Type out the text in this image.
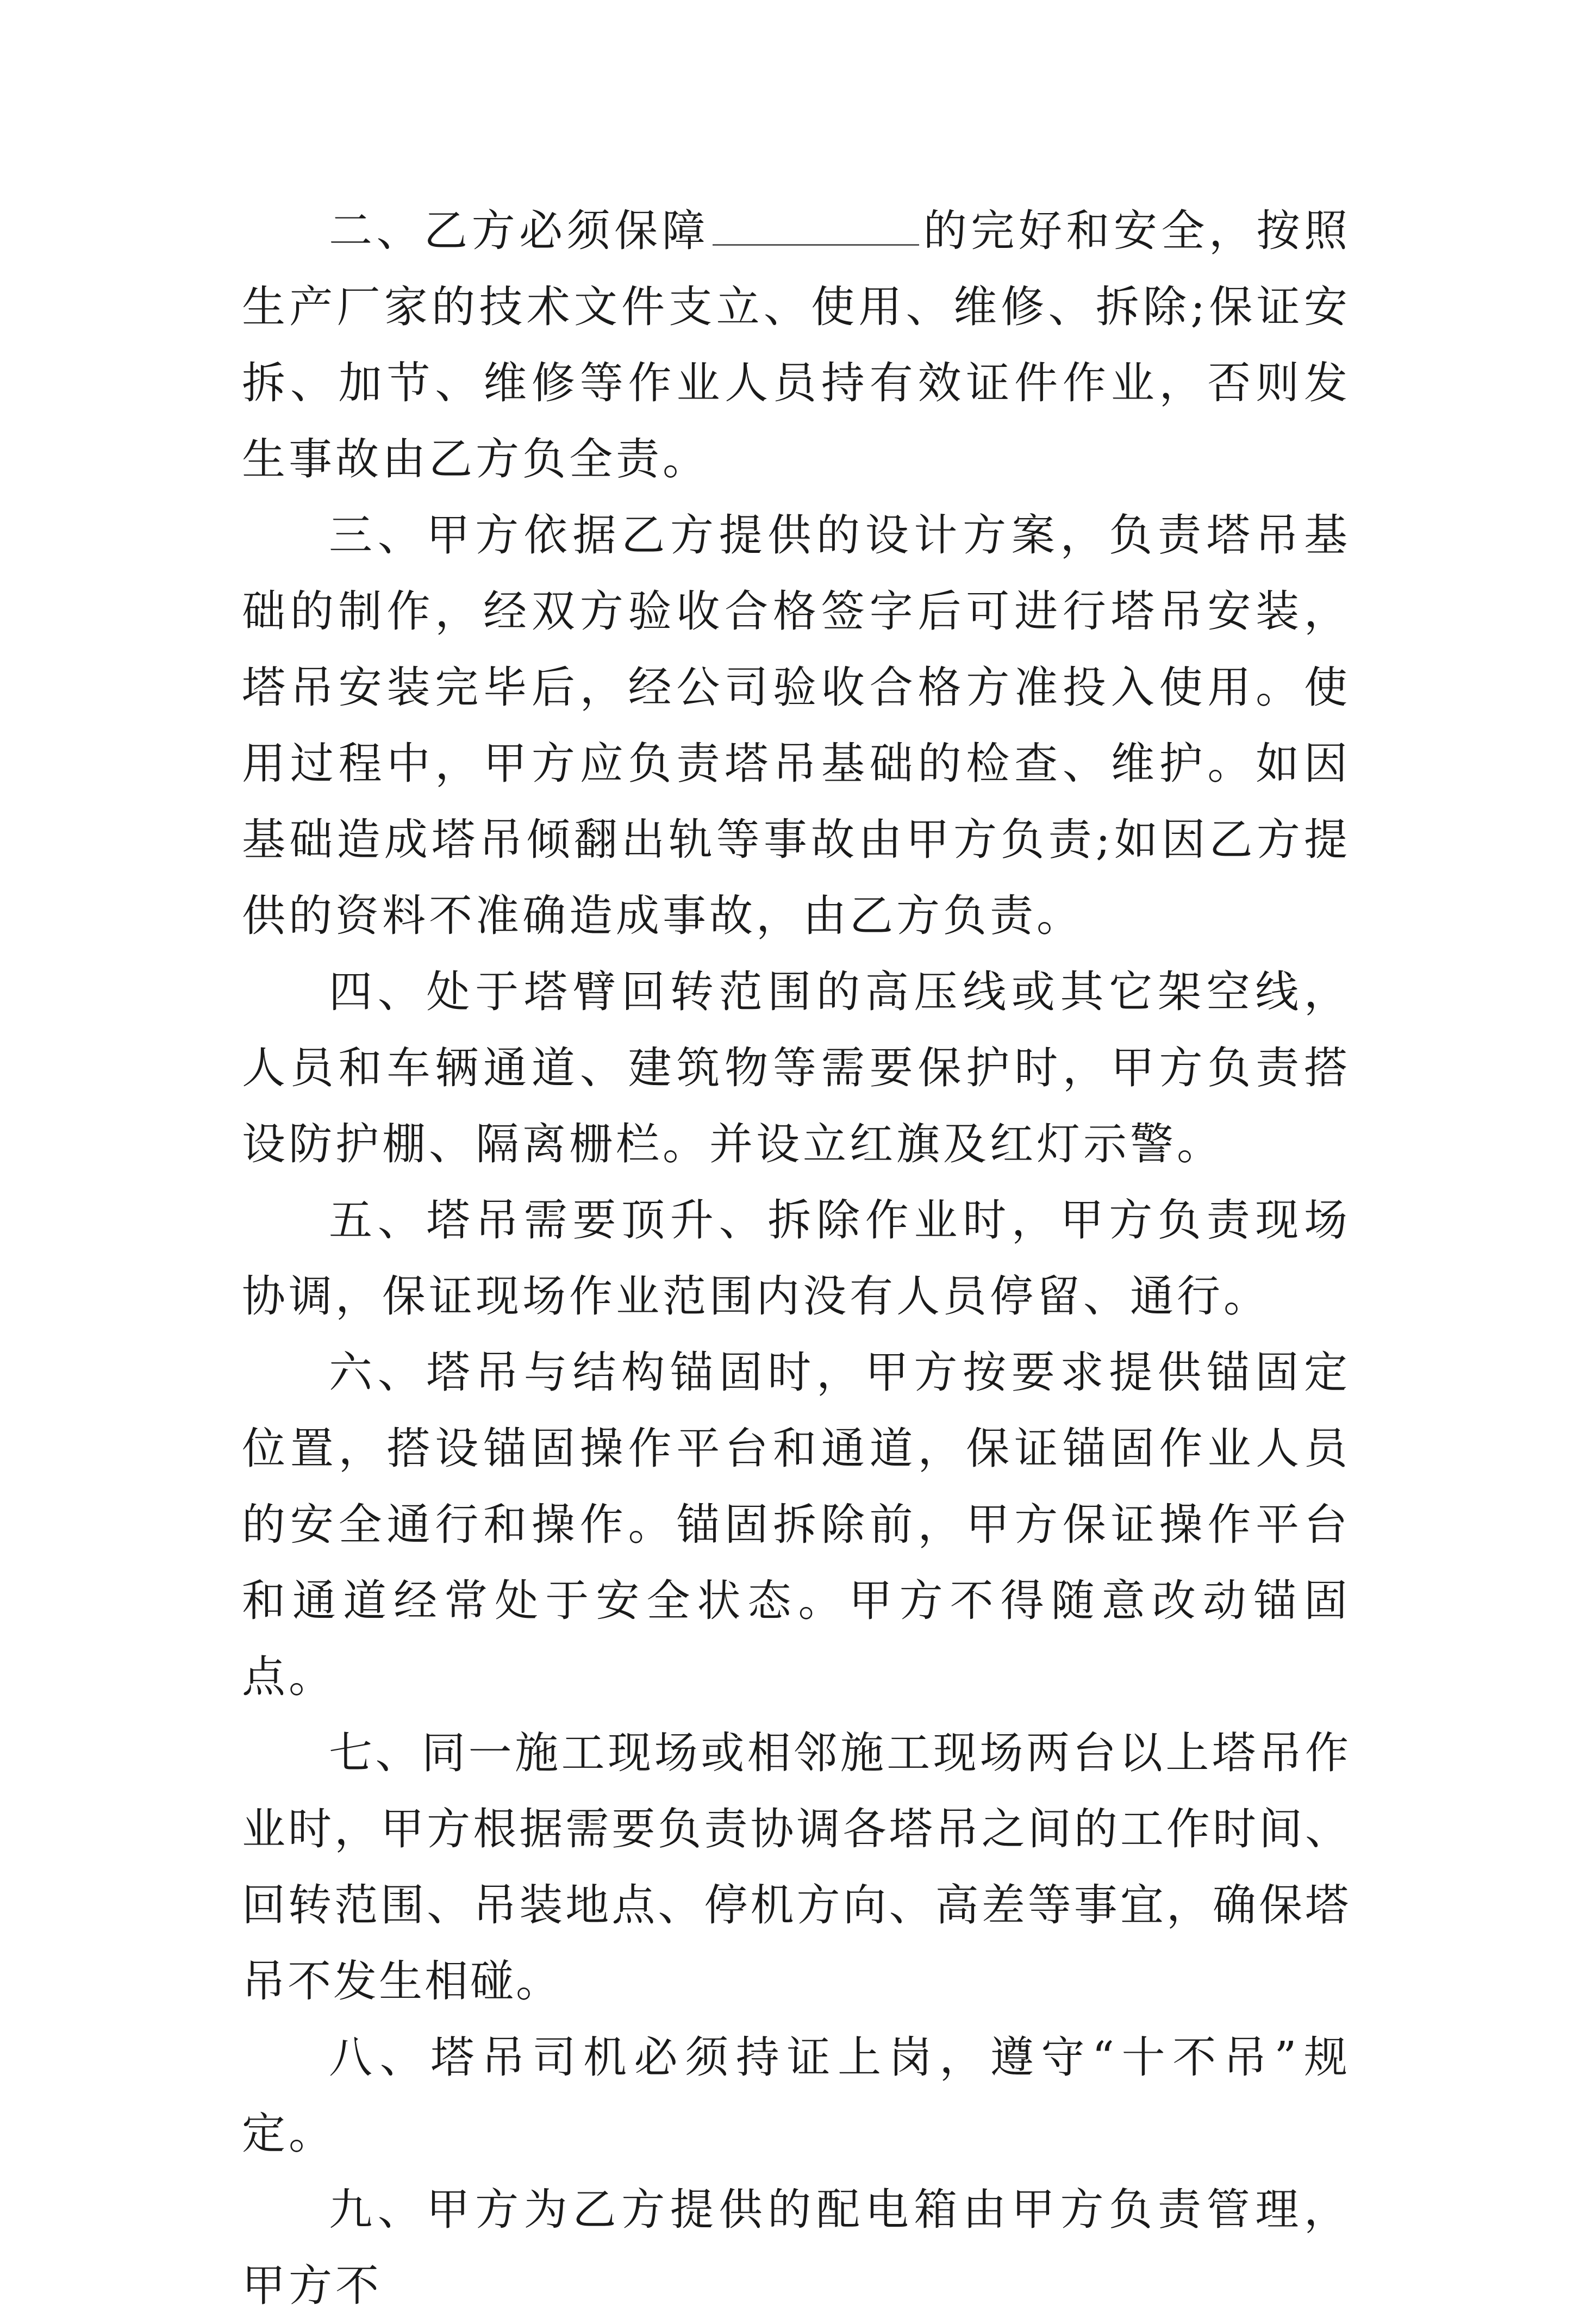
二、乙方必须保障	的完好和安全，按照生产厂家的技术文件支立、使用、维修、拆除;保证安拆、加节、维修等作业人员持有效证件作业，否则发生事故由乙方负全责。

三、甲方依据乙方提供的设计方案，负责塔吊基础的制作，经双方验收合格签字后可进行塔吊安装，塔吊安装完毕后，经公司验收合格方准投入使用。使用过程中，甲方应负责塔吊基础的检查、维护。如因基础造成塔吊倾翻出轨等事故由甲方负责;如因乙方提供的资料不准确造成事故，由乙方负责。

四、处于塔臂回转范围的高压线或其它架空线，人员和车辆通道、建筑物等需要保护时，甲方负责搭设防护棚、隔离栅栏。并设立红旗及红灯示警。

五、塔吊需要顶升、拆除作业时，甲方负责现场协调，保证现场作业范围内没有人员停留、通行。

六、塔吊与结构锚固时，甲方按要求提供锚固定位置，搭设锚固操作平台和通道，保证锚固作业人员的安全通行和操作。锚固拆除前，甲方保证操作平台和通道经常处于安全状态。甲方不得随意改动锚固点。

七、同一施工现场或相邻施工现场两台以上塔吊作业时，甲方根据需要负责协调各塔吊之间的工作时间、回转范围、吊装地点、停机方向、高差等事宜，确保塔吊不发生相碰。

八、塔吊司机必须持证上岗，遵守“十不吊”规定。

九、甲方为乙方提供的配电箱由甲方负责管理，甲方不
